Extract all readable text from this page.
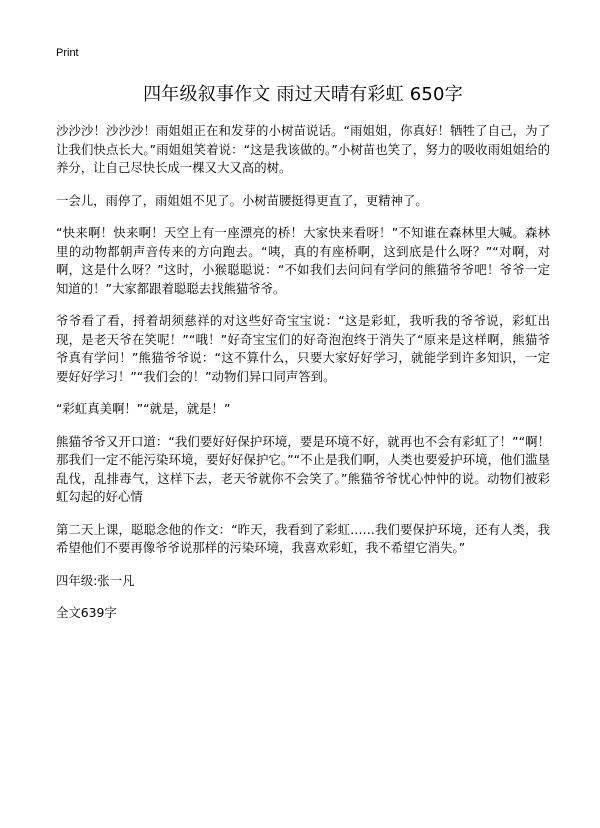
Print
四年级叙事作文 雨过天晴有彩虹 650字

沙沙沙！沙沙沙！雨姐姐正在和发芽的小树苗说话。“雨姐姐，你真好！牺牲了自己，为了让我们快点长大。”雨姐姐笑着说：“这是我该做的。”小树苗也笑了，努力的吸收雨姐姐给的养分，让自己尽快长成一棵又大又高的树。

一会儿，雨停了，雨姐姐不见了。小树苗腰挺得更直了，更精神了。

“快来啊！快来啊！天空上有一座漂亮的桥！大家快来看呀！”不知谁在森林里大喊。森林里的动物都朝声音传来的方向跑去。“咦，真的有座桥啊，这到底是什么呀？”“对啊，对啊，这是什么呀？”这时，小猴聪聪说：“不如我们去问问有学问的熊猫爷爷吧！爷爷一定知道的！”大家都跟着聪聪去找熊猫爷爷。

爷爷看了看，捋着胡须慈祥的对这些好奇宝宝说：“这是彩虹，我听我的爷爷说，彩虹出现，是老天爷在笑呢！”“哦！”好奇宝宝们的好奇泡泡终于消失了“原来是这样啊，熊猫爷爷真有学问！”熊猫爷爷说：“这不算什么，只要大家好好学习，就能学到许多知识，一定要好好学习！”“我们会的！”动物们异口同声答到。

“彩虹真美啊！”“就是，就是！”

熊猫爷爷又开口道：“我们要好好保护环境，要是环境不好，就再也不会有彩虹了！”“啊！那我们一定不能污染环境，要好好保护它。”“不止是我们啊，人类也要爱护环境，他们滥垦乱伐，乱排毒气，这样下去，老天爷就你不会笑了。”熊猫爷爷忧心忡忡的说。动物们被彩虹勾起的好心情

第二天上课，聪聪念他的作文：“昨天，我看到了彩虹……我们要保护环境，还有人类，我希望他们不要再像爷爷说那样的污染环境，我喜欢彩虹，我不希望它消失。”

四年级:张一凡

全文639字
